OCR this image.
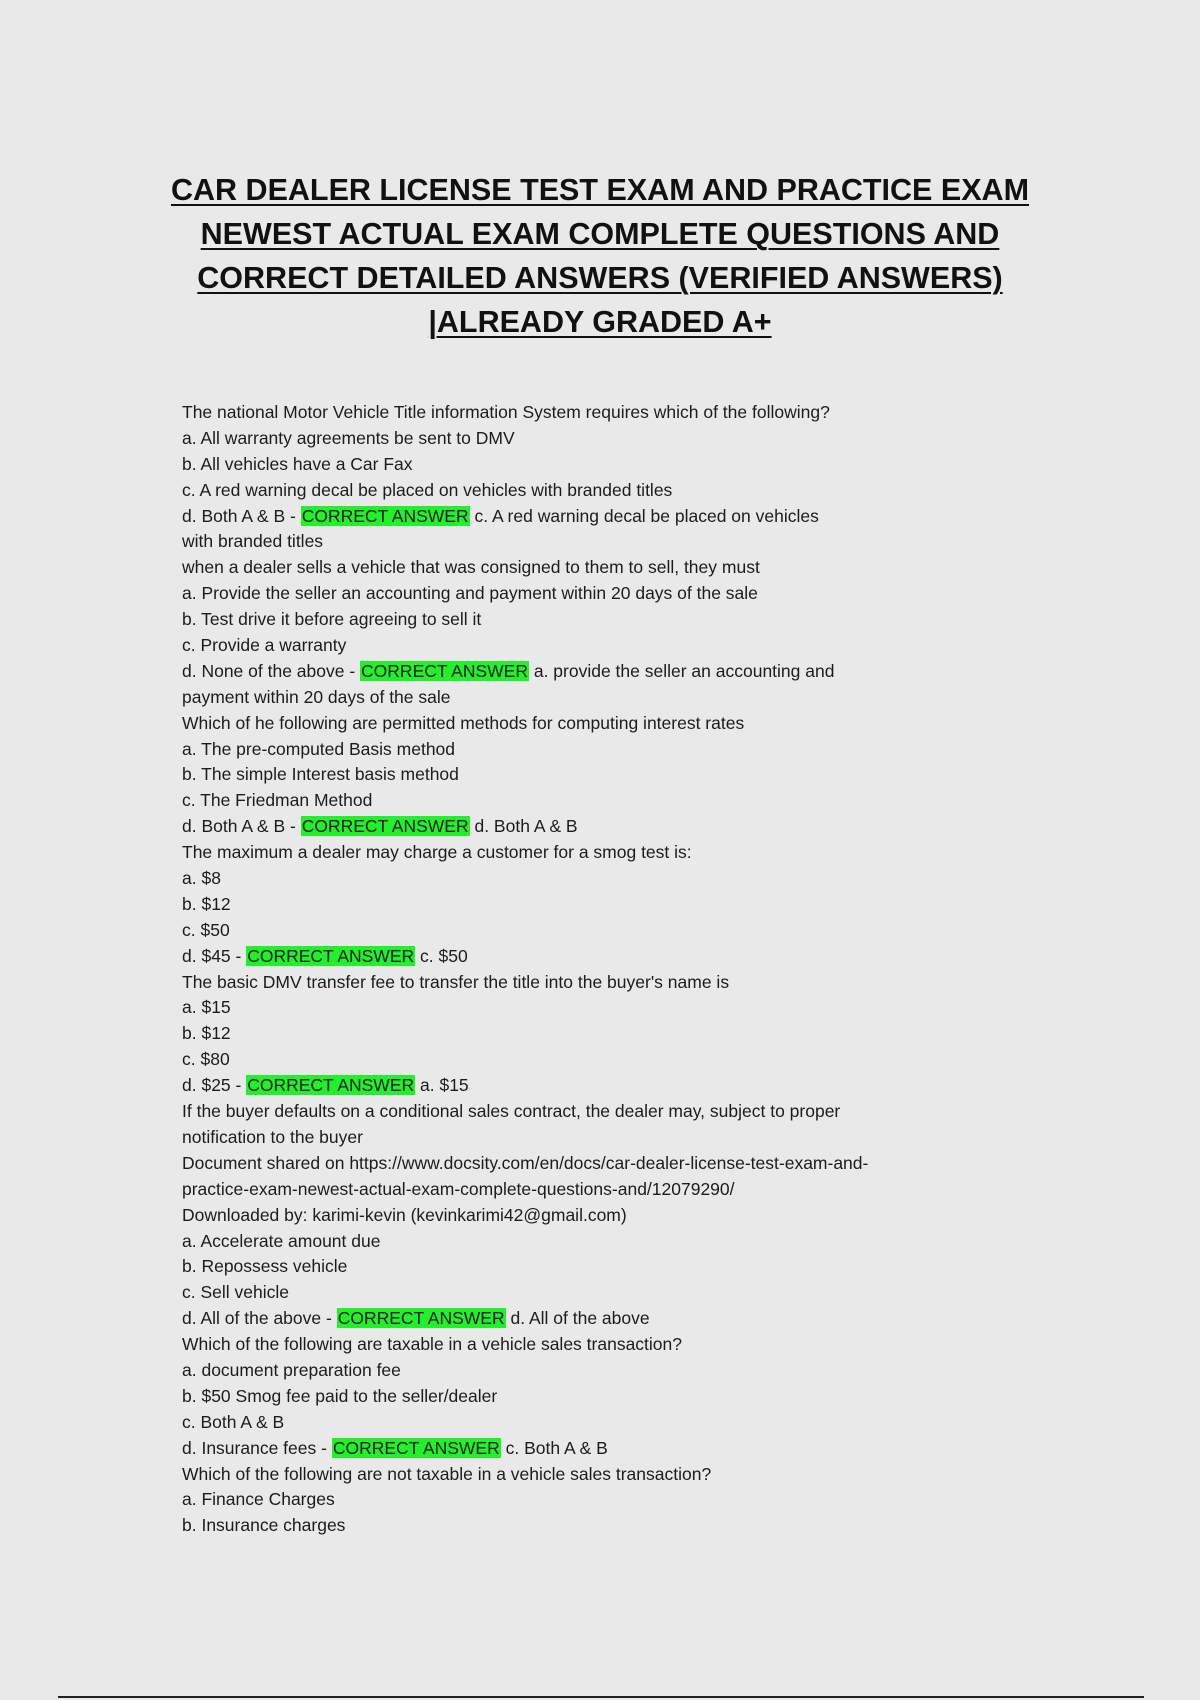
CAR DEALER LICENSE TEST EXAM AND PRACTICE EXAM
NEWEST ACTUAL EXAM COMPLETE QUESTIONS AND
CORRECT DETAILED ANSWERS (VERIFIED ANSWERS)
|ALREADY GRADED A+
The national Motor Vehicle Title information System requires which of the following?
a. All warranty agreements be sent to DMV
b. All vehicles have a Car Fax
c. A red warning decal be placed on vehicles with branded titles
d. Both A & B - CORRECT ANSWER c. A red warning decal be placed on vehicles
with branded titles
when a dealer sells a vehicle that was consigned to them to sell, they must
a. Provide the seller an accounting and payment within 20 days of the sale
b. Test drive it before agreeing to sell it
c. Provide a warranty
d. None of the above - CORRECT ANSWER a. provide the seller an accounting and
payment within 20 days of the sale
Which of he following are permitted methods for computing interest rates
a. The pre-computed Basis method
b. The simple Interest basis method
c. The Friedman Method
d. Both A & B - CORRECT ANSWER d. Both A & B
The maximum a dealer may charge a customer for a smog test is:
a. $8
b. $12
c. $50
d. $45 - CORRECT ANSWER c. $50
The basic DMV transfer fee to transfer the title into the buyer's name is
a. $15
b. $12
c. $80
d. $25 - CORRECT ANSWER a. $15
If the buyer defaults on a conditional sales contract, the dealer may, subject to proper
notification to the buyer
Document shared on https://www.docsity.com/en/docs/car-dealer-license-test-exam-and-
practice-exam-newest-actual-exam-complete-questions-and/12079290/
Downloaded by: karimi-kevin (kevinkarimi42@gmail.com)
a. Accelerate amount due
b. Repossess vehicle
c. Sell vehicle
d. All of the above - CORRECT ANSWER d. All of the above
Which of the following are taxable in a vehicle sales transaction?
a. document preparation fee
b. $50 Smog fee paid to the seller/dealer
c. Both A & B
d. Insurance fees - CORRECT ANSWER c. Both A & B
Which of the following are not taxable in a vehicle sales transaction?
a. Finance Charges
b. Insurance charges
